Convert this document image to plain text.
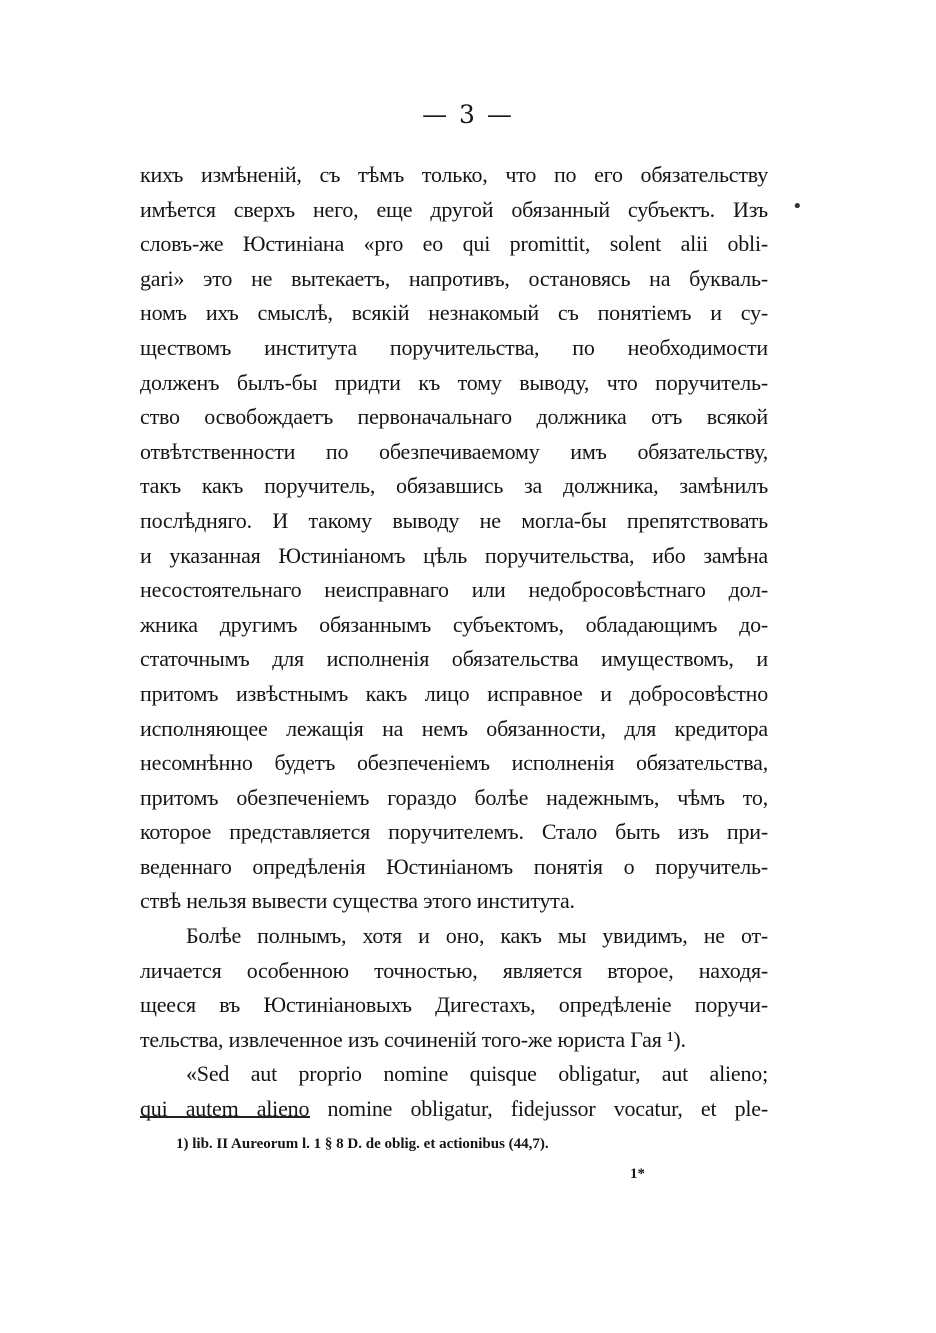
— 3 —
•
кихъ измѣненій, съ тѣмъ только, что по его обязательству
имѣется сверхъ него, еще другой обязанный субъектъ. Изъ
словъ-же Юстиніана «pro eo qui promittit, solent alii obli-
gari» это не вытекаетъ, напротивъ, остановясь на букваль-
номъ ихъ смыслѣ, всякій незнакомый съ понятіемъ и су-
ществомъ института поручительства, по необходимости
долженъ былъ-бы придти къ тому выводу, что поручитель-
ство освобождаетъ первоначальнаго должника отъ всякой
отвѣтственности по обезпечиваемому имъ обязательству,
такъ какъ поручитель, обязавшись за должника, замѣнилъ
послѣдняго. И такому выводу не могла-бы препятствовать
и указанная Юстиніаномъ цѣль поручительства, ибо замѣна
несостоятельнаго неисправнаго или недобросовѣстнаго дол-
жника другимъ обязаннымъ субъектомъ, обладающимъ до-
статочнымъ для исполненія обязательства имуществомъ, и
притомъ извѣстнымъ какъ лицо исправное и добросовѣстно
исполняющее лежащія на немъ обязанности, для кредитора
несомнѣнно будетъ обезпеченіемъ исполненія обязательства,
притомъ обезпеченіемъ гораздо болѣе надежнымъ, чѣмъ то,
которое представляется поручителемъ. Стало быть изъ при-
веденнаго опредѣленія Юстиніаномъ понятія о поручитель-
ствѣ нельзя вывести существа этого института.
Болѣе полнымъ, хотя и оно, какъ мы увидимъ, не от-
личается особенною точностью, является второе, находя-
щееся въ Юстиніановыхъ Дигестахъ, опредѣленіе поручи-
тельства, извлеченное изъ сочиненій того-же юриста Гая ¹).
«Sed aut proprio nomine quisque obligatur, aut alieno;
qui autem alieno nomine obligatur, fidejussor vocatur, et ple-
1) lib. II Aureorum l. 1 § 8 D. de oblig. et actionibus (44,7).
1*
